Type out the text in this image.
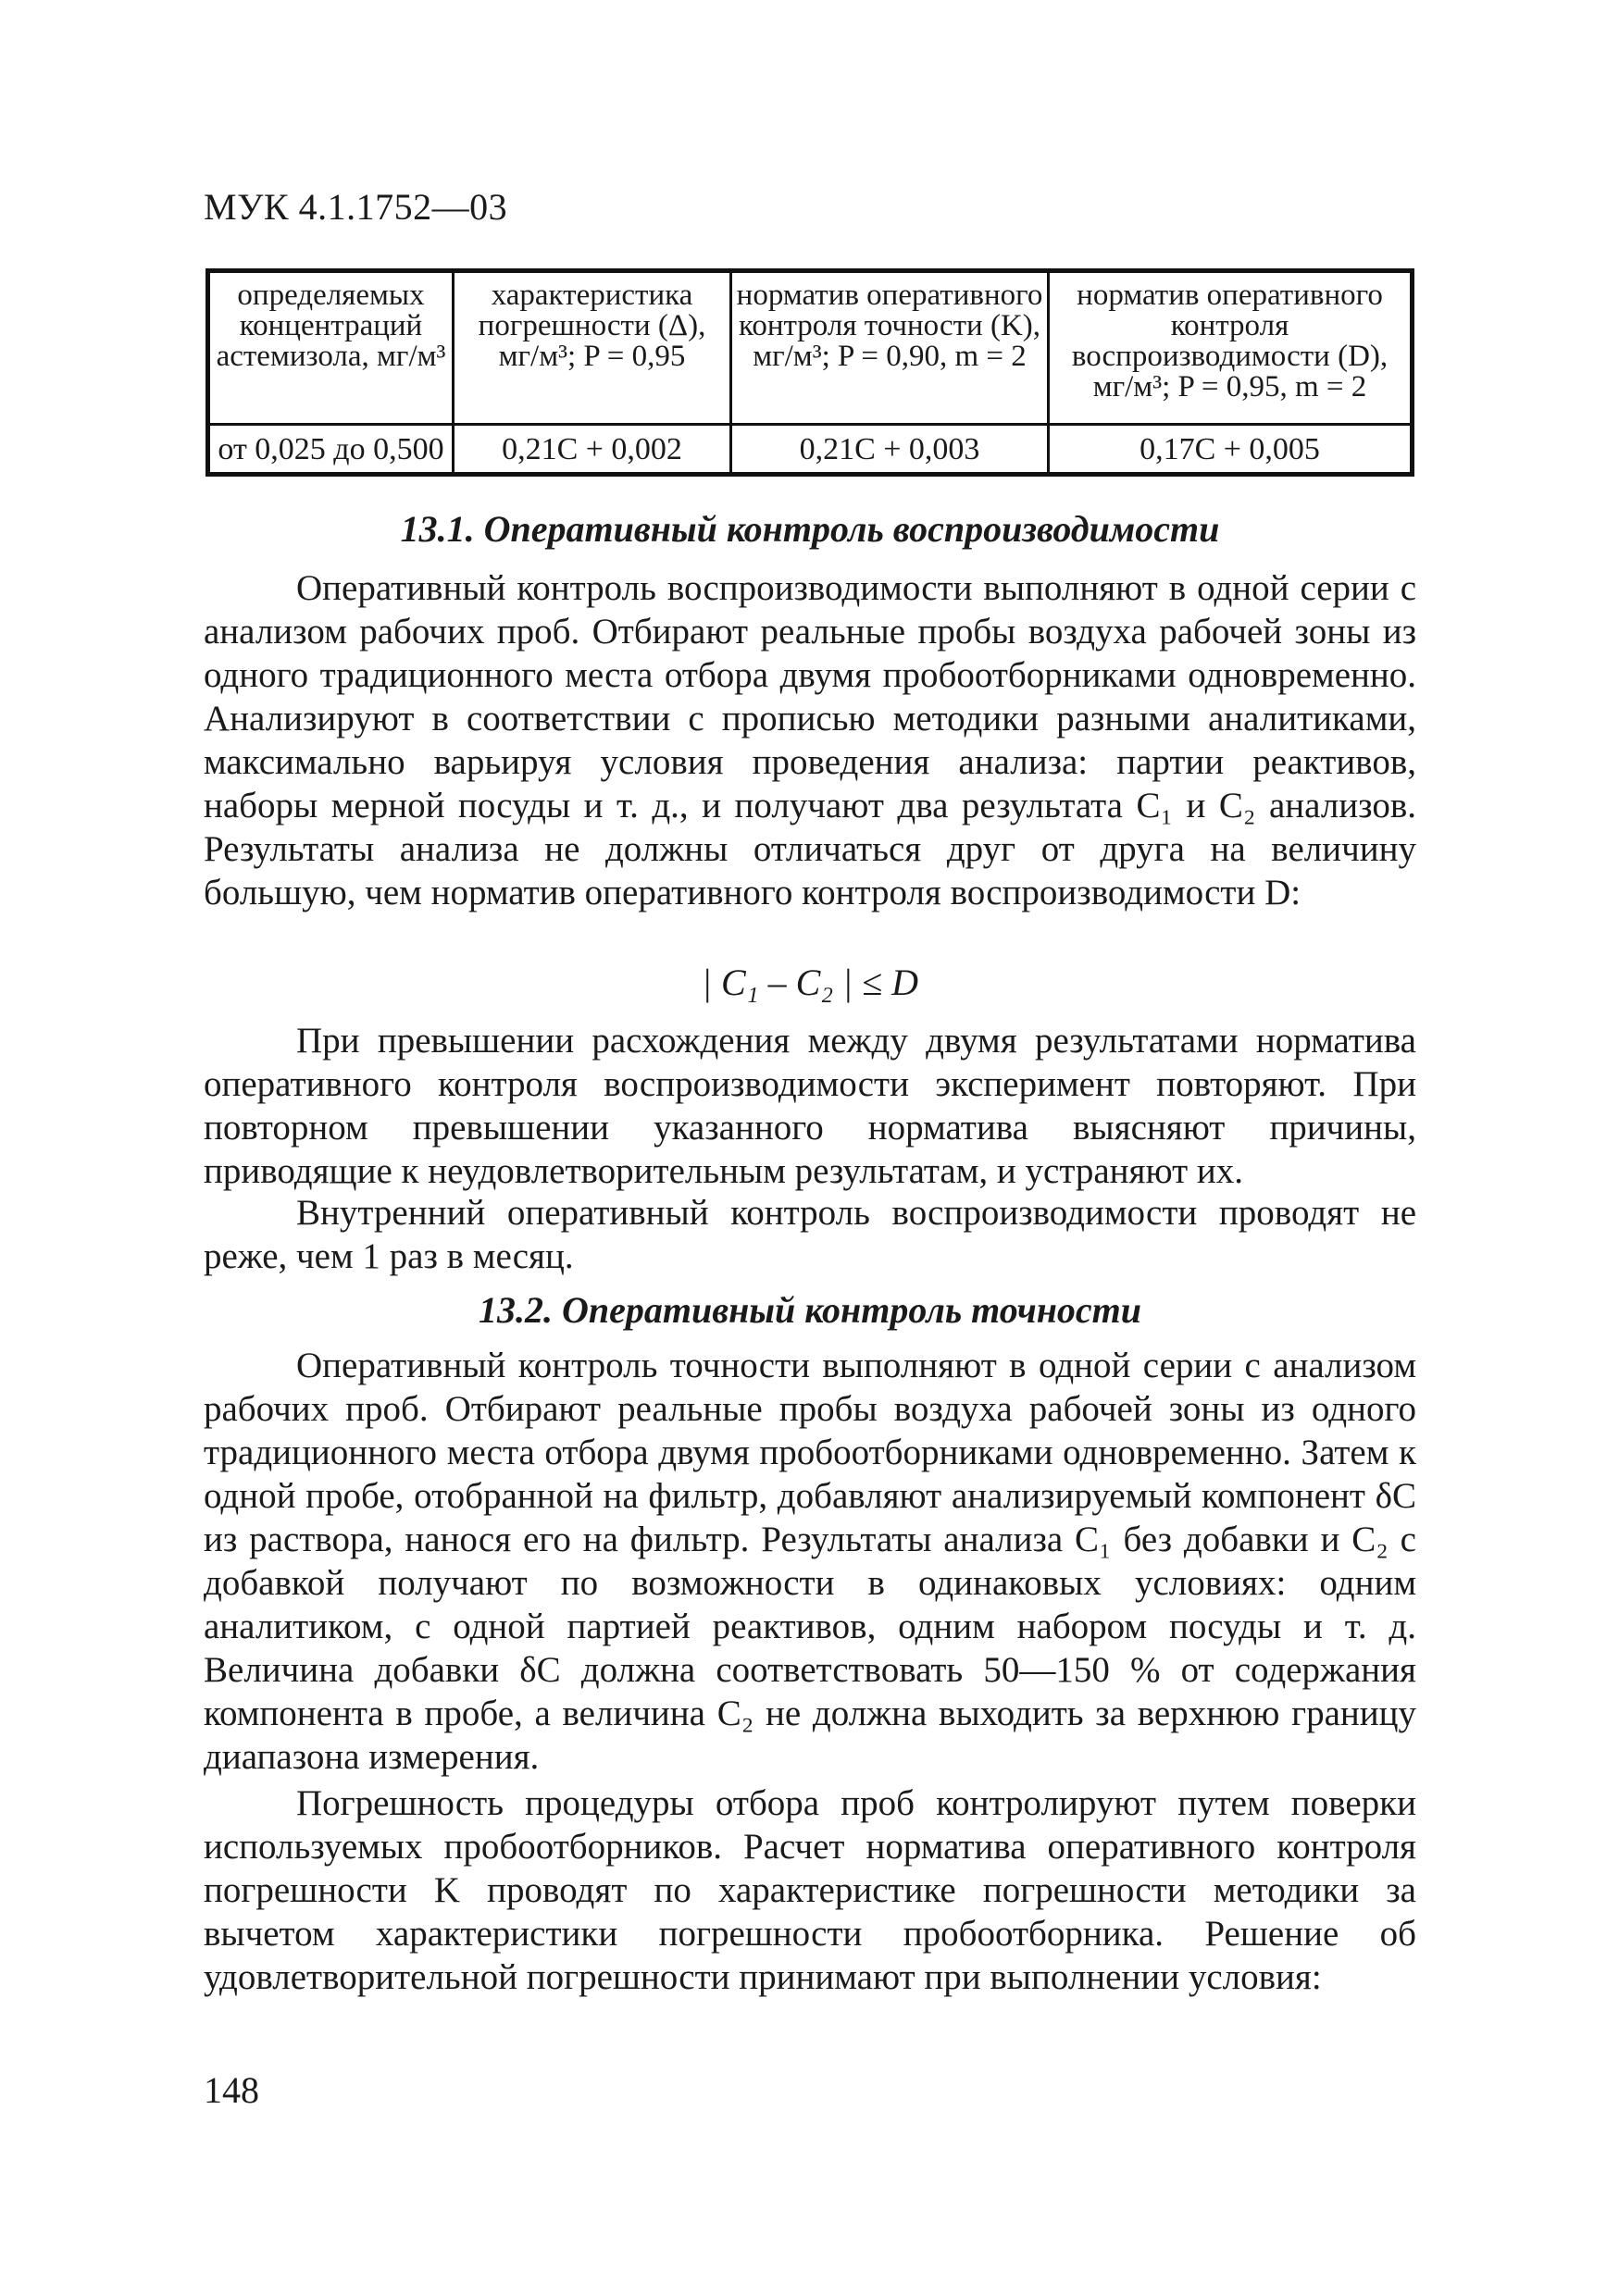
МУК 4.1.1752—03
определяемых концентраций астемизола, мг/м³	характеристика погрешности (Δ), мг/м³; P = 0,95	норматив оперативного контроля точности (K), мг/м³; P = 0,90, m = 2	норматив оперативного контроля воспроизводимости (D), мг/м³; P = 0,95, m = 2
от 0,025 до 0,500	0,21C + 0,002	0,21C + 0,003	0,17C + 0,005
13.1. Оперативный контроль воспроизводимости

Оперативный контроль воспроизводимости выполняют в одной серии с анализом рабочих проб. Отбирают реальные пробы воздуха рабочей зоны из одного традиционного места отбора двумя пробоотборниками одновременно. Анализируют в соответствии с прописью методики разными аналитиками, максимально варьируя условия проведения анализа: партии реактивов, наборы мерной посуды и т. д., и получают два результата C₁ и C₂ анализов. Результаты анализа не должны отличаться друг от друга на величину большую, чем норматив оперативного контроля воспроизводимости D:

| C₁ – C₂ | ≤ D

При превышении расхождения между двумя результатами норматива оперативного контроля воспроизводимости эксперимент повторяют. При повторном превышении указанного норматива выясняют причины, приводящие к неудовлетворительным результатам, и устраняют их.

Внутренний оперативный контроль воспроизводимости проводят не реже, чем 1 раз в месяц.

13.2. Оперативный контроль точности

Оперативный контроль точности выполняют в одной серии с анализом рабочих проб. Отбирают реальные пробы воздуха рабочей зоны из одного традиционного места отбора двумя пробоотборниками одновременно. Затем к одной пробе, отобранной на фильтр, добавляют анализируемый компонент δC из раствора, нанося его на фильтр. Результаты анализа C₁ без добавки и C₂ с добавкой получают по возможности в одинаковых условиях: одним аналитиком, с одной партией реактивов, одним набором посуды и т. д. Величина добавки δC должна соответствовать 50—150 % от содержания компонента в пробе, а величина C₂ не должна выходить за верхнюю границу диапазона измерения.

Погрешность процедуры отбора проб контролируют путем поверки используемых пробоотборников. Расчет норматива оперативного контроля погрешности K проводят по характеристике погрешности методики за вычетом характеристики погрешности пробоотборника. Решение об удовлетворительной погрешности принимают при выполнении условия:

148
